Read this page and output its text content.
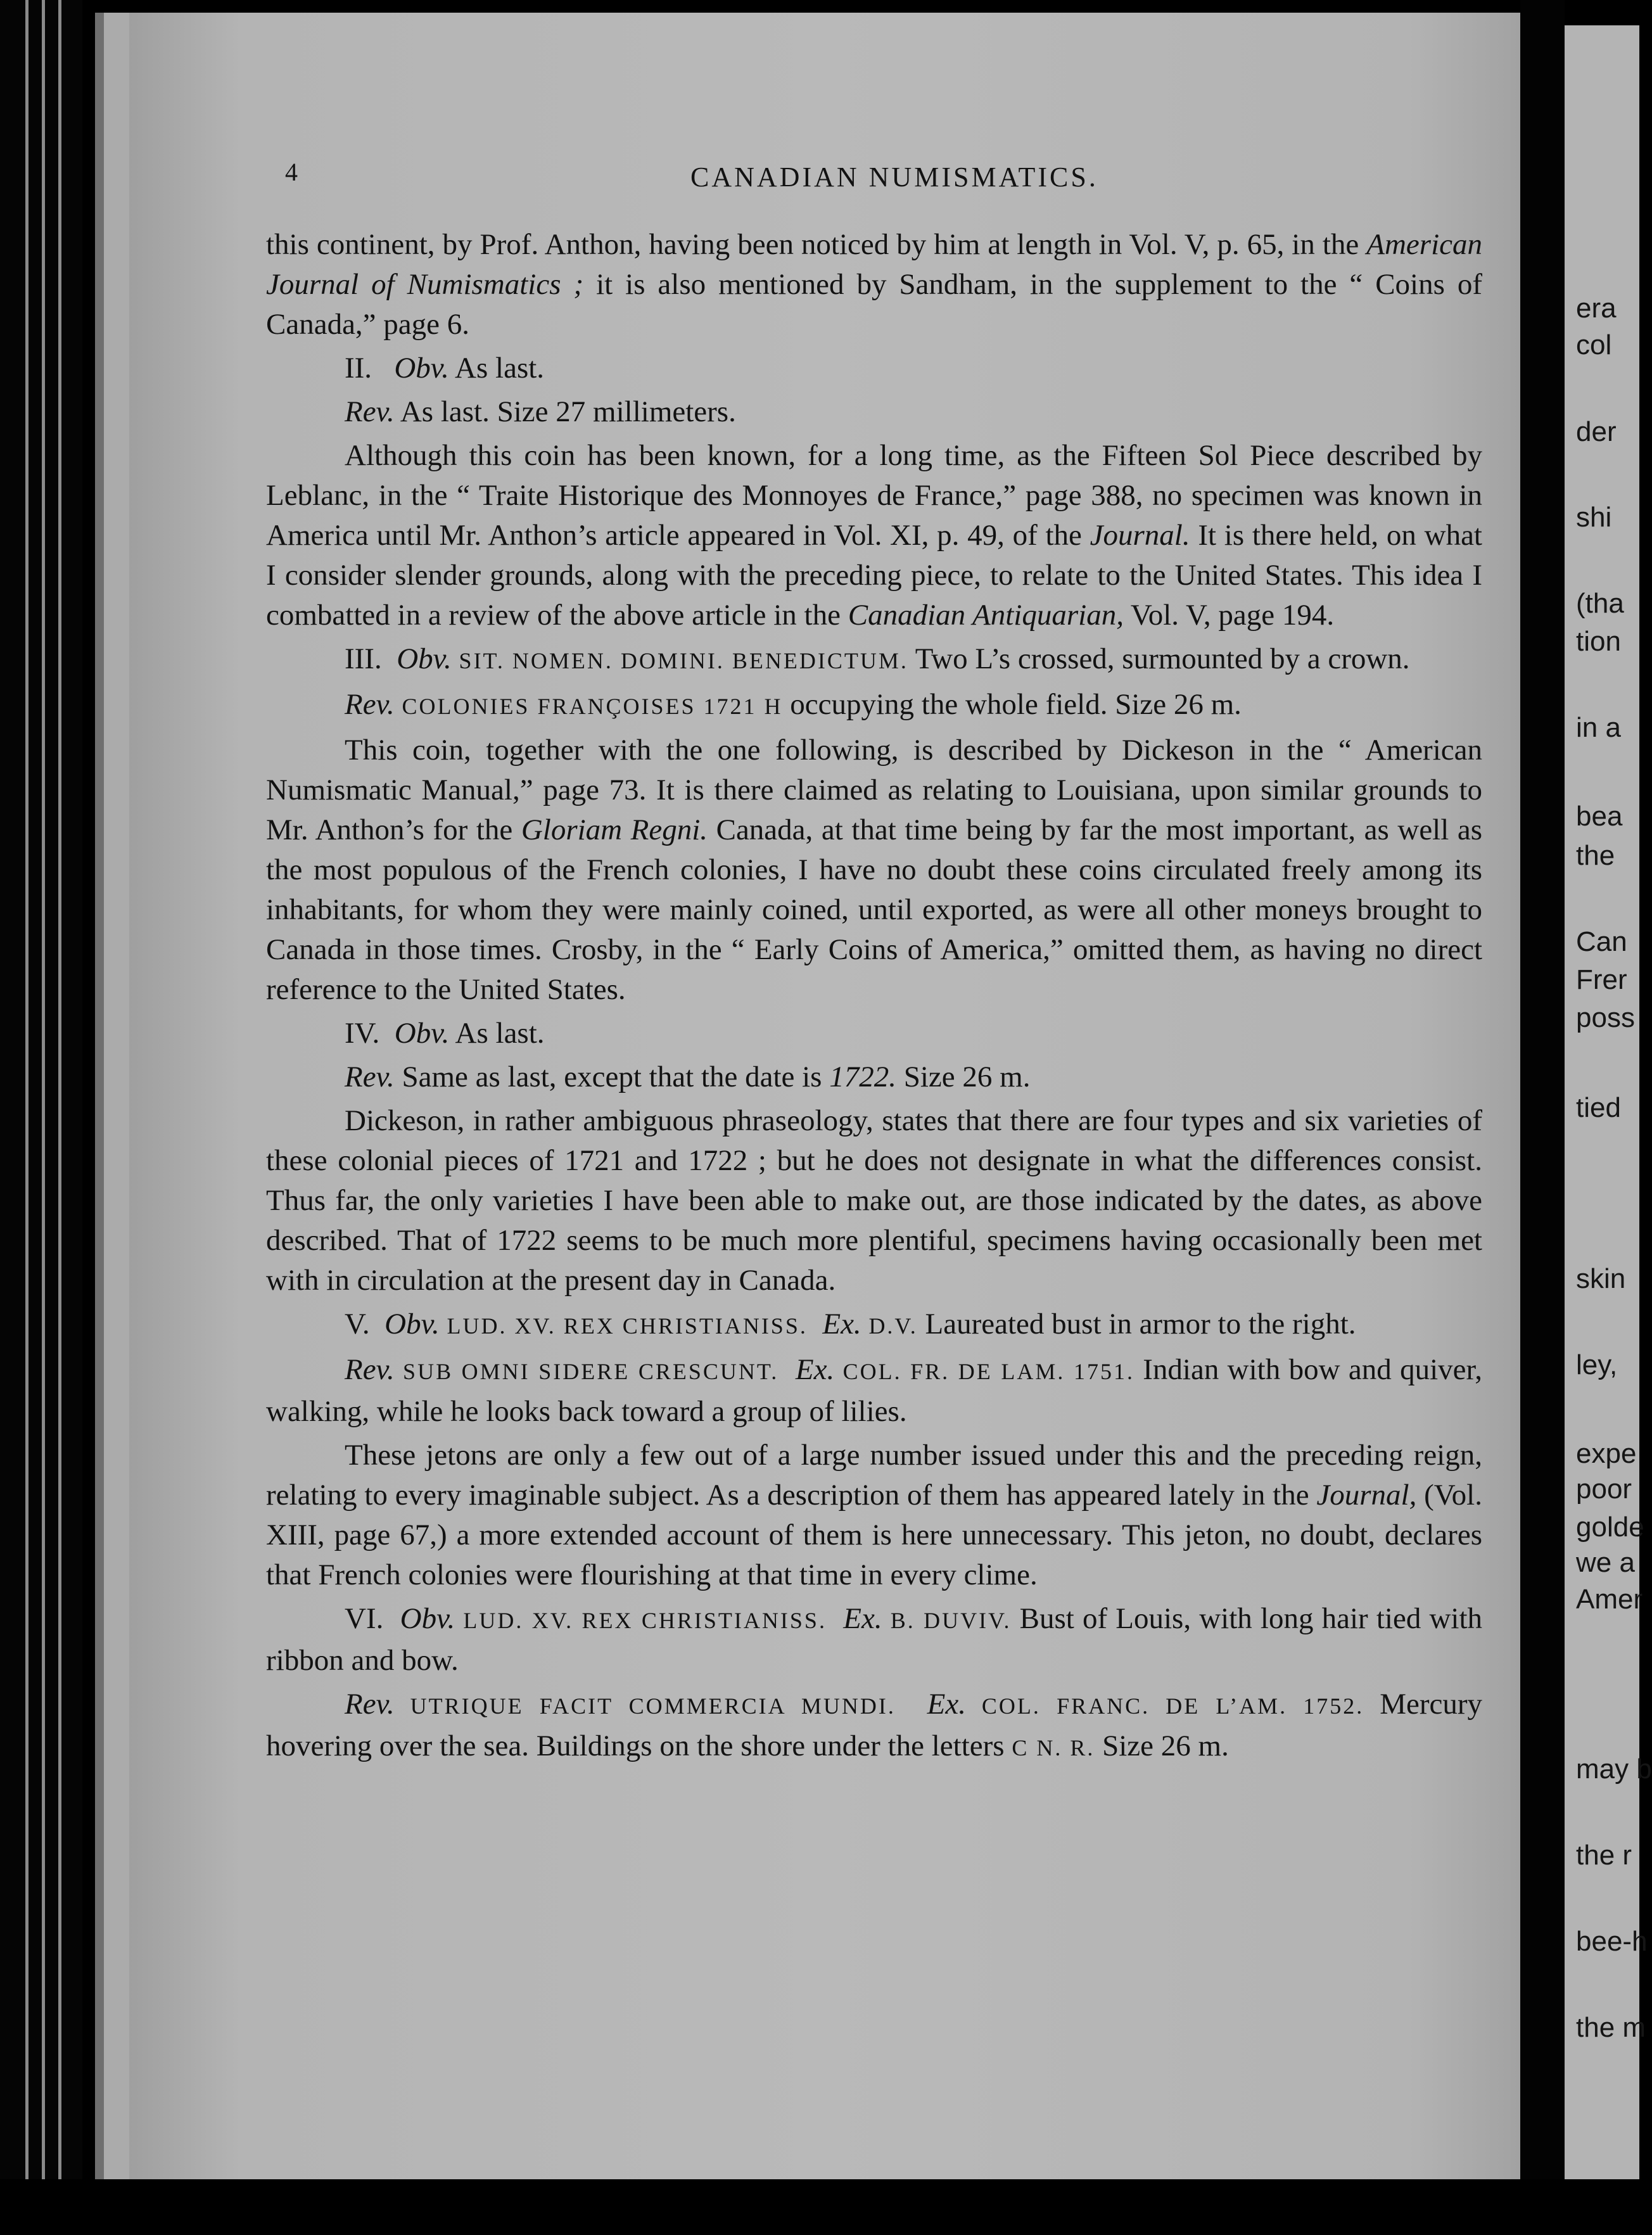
4	CANADIAN NUMISMATICS.

this continent, by Prof. Anthon, having been noticed by him at length in Vol. V, p. 65, in the American Journal of Numismatics ; it is also mentioned by Sandham, in the supplement to the “ Coins of Canada,” page 6.

II. Obv. As last.

Rev. As last. Size 27 millimeters.

Although this coin has been known, for a long time, as the Fifteen Sol Piece described by Leblanc, in the “ Traite Historique des Monnoyes de France,” page 388, no specimen was known in America until Mr. Anthon’s article appeared in Vol. XI, p. 49, of the Journal. It is there held, on what I consider slender grounds, along with the preceding piece, to relate to the United States. This idea I combatted in a review of the above article in the Canadian Antiquarian, Vol. V, page 194.

III. Obv. SIT. NOMEN. DOMINI. BENEDICTUM. Two L’s crossed, surmounted by a crown.

Rev. COLONIES FRANÇOISES 1721 H occupying the whole field. Size 26 m.

This coin, together with the one following, is described by Dickeson in the “ American Numismatic Manual,” page 73. It is there claimed as relating to Louisiana, upon similar grounds to Mr. Anthon’s for the Gloriam Regni. Canada, at that time being by far the most important, as well as the most populous of the French colonies, I have no doubt these coins circulated freely among its inhabitants, for whom they were mainly coined, until exported, as were all other moneys brought to Canada in those times. Crosby, in the “ Early Coins of America,” omitted them, as having no direct reference to the United States.

IV. Obv. As last.

Rev. Same as last, except that the date is 1722. Size 26 m.

Dickeson, in rather ambiguous phraseology, states that there are four types and six varieties of these colonial pieces of 1721 and 1722 ; but he does not designate in what the differences consist. Thus far, the only varieties I have been able to make out, are those indicated by the dates, as above described. That of 1722 seems to be much more plentiful, specimens having occasionally been met with in circulation at the present day in Canada.

V. Obv. LUD. XV. REX CHRISTIANISS. Ex. D.V. Laureated bust in armor to the right.

Rev. SUB OMNI SIDERE CRESCUNT. Ex. COL. FR. DE LAM. 1751. Indian with bow and quiver, walking, while he looks back toward a group of lilies.

These jetons are only a few out of a large number issued under this and the preceding reign, relating to every imaginable subject. As a description of them has appeared lately in the Journal, (Vol. XIII, page 67,) a more extended account of them is here unnecessary. This jeton, no doubt, declares that French colonies were flourishing at that time in every clime.

VI. Obv. LUD. XV. REX CHRISTIANISS. Ex. B. DUVIV. Bust of Louis, with long hair tied with ribbon and bow.

Rev. UTRIQUE FACIT COMMERCIA MUNDI. Ex. COL. FRANC. DE L’AM. 1752. Mercury hovering over the sea. Buildings on the shore under the letters C N. R. Size 26 m.

era
col
der
shi
(tha
tion
in a
bea
the
Can
Frer
poss
tied
skin
ley,
expe
poor
golde
we a
Amer
may b
the r
bee-h
the m
